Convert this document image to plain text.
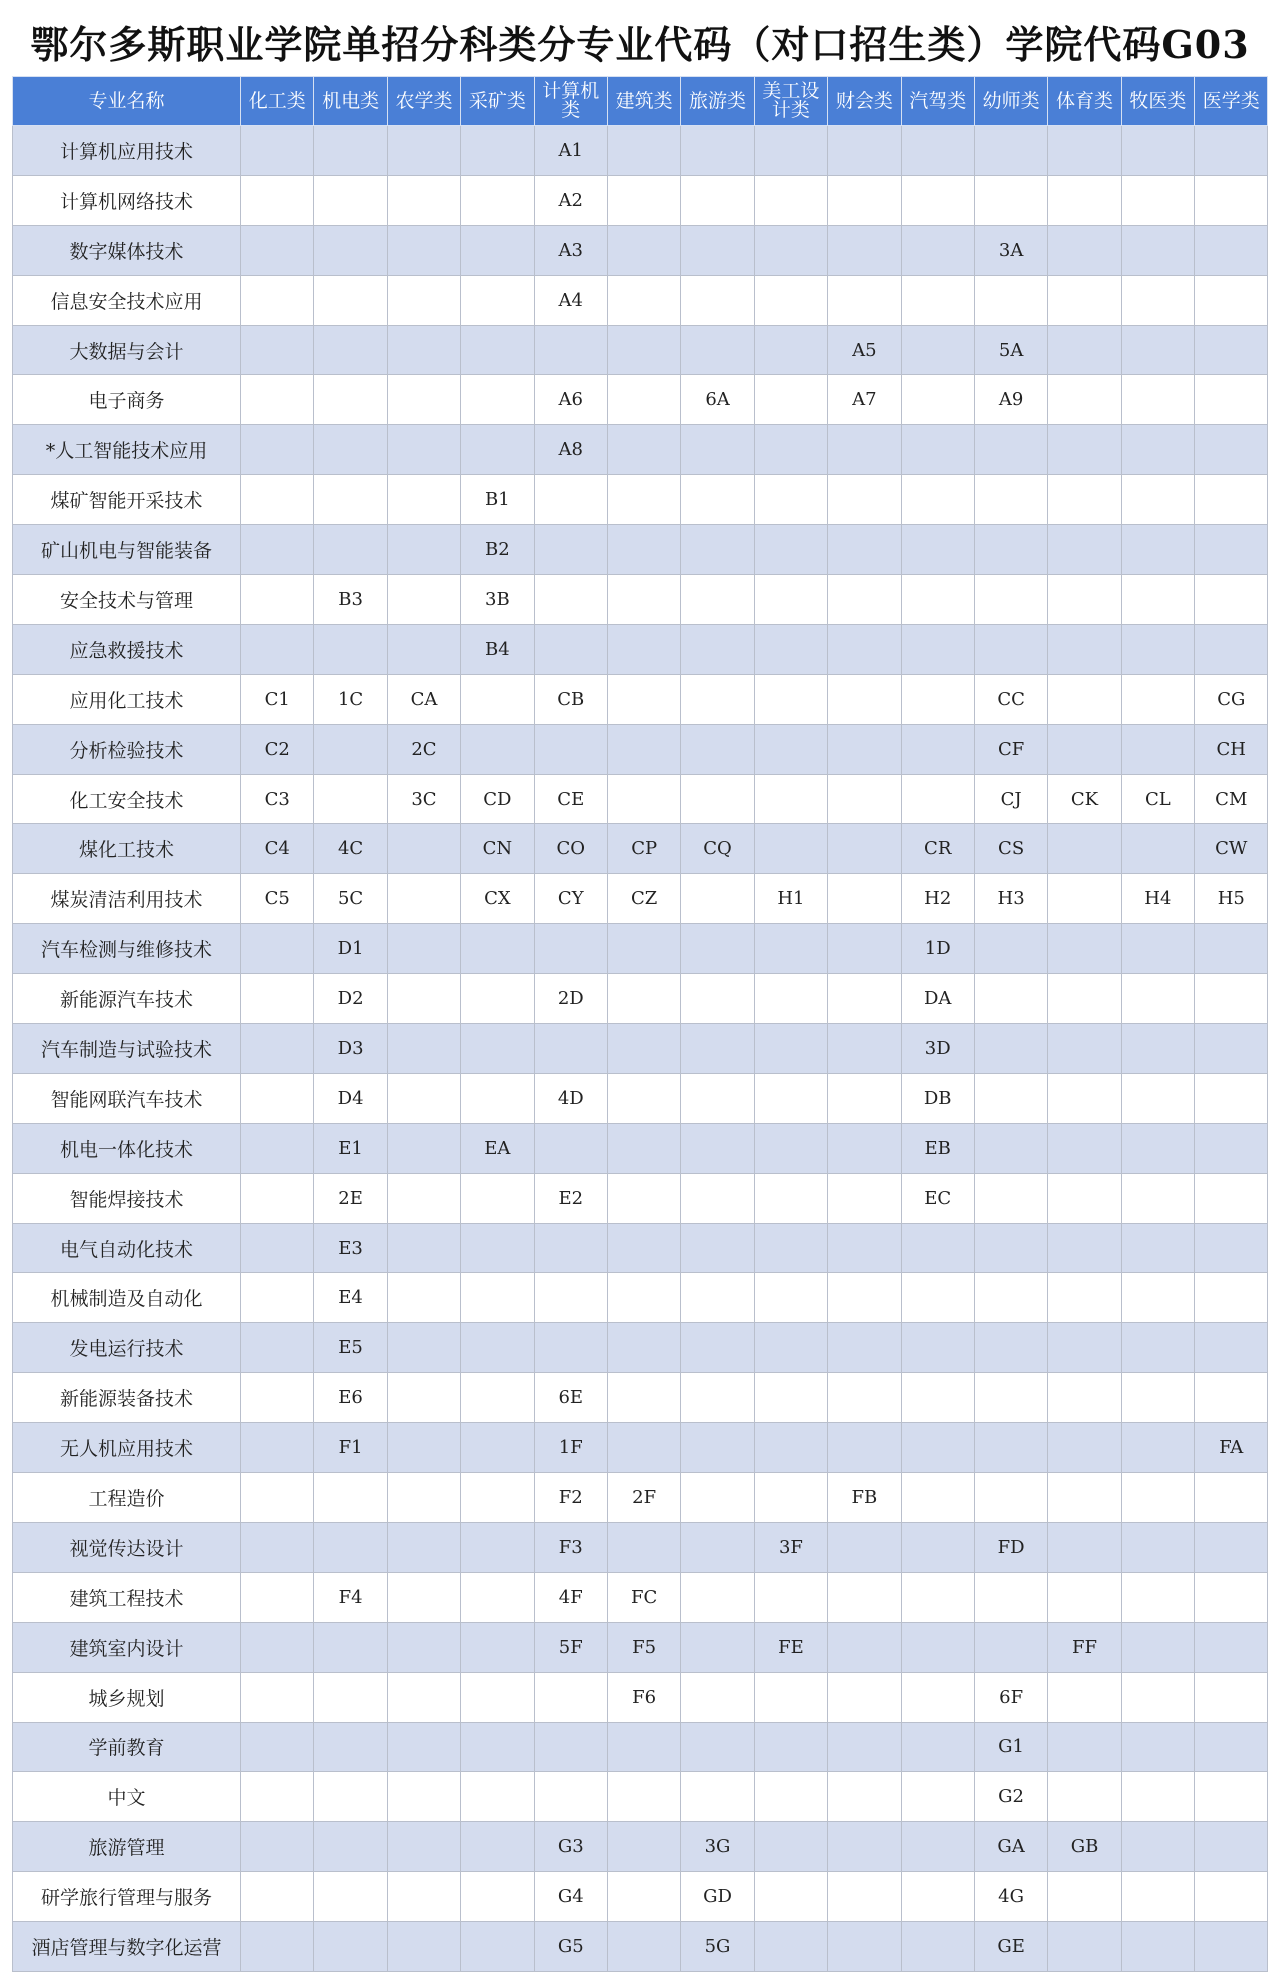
鄂尔多斯职业学院单招分科类分专业代码（对口招生类）学院代码G03
专业名称	化工类	机电类	农学类	采矿类	计算机类	建筑类	旅游类	美工设计类	财会类	汽驾类	幼师类	体育类	牧医类	医学类
计算机应用技术					A1									
计算机网络技术					A2									
数字媒体技术					A3						3A			
信息安全技术应用					A4									
大数据与会计									A5		5A			
电子商务					A6		6A		A7		A9			
*人工智能技术应用					A8									
煤矿智能开采技术				B1										
矿山机电与智能装备				B2										
安全技术与管理		B3		3B										
应急救援技术				B4										
应用化工技术	C1	1C	CA		CB						CC			CG
分析检验技术	C2		2C								CF			CH
化工安全技术	C3		3C	CD	CE						CJ	CK	CL	CM
煤化工技术	C4	4C		CN	CO	CP	CQ			CR	CS			CW
煤炭清洁利用技术	C5	5C		CX	CY	CZ		H1		H2	H3		H4	H5
汽车检测与维修技术		D1								1D				
新能源汽车技术		D2			2D					DA				
汽车制造与试验技术		D3								3D				
智能网联汽车技术		D4			4D					DB				
机电一体化技术		E1		EA						EB				
智能焊接技术		2E			E2					EC				
电气自动化技术		E3												
机械制造及自动化		E4												
发电运行技术		E5												
新能源装备技术		E6			6E									
无人机应用技术		F1			1F									FA
工程造价					F2	2F			FB					
视觉传达设计					F3			3F			FD			
建筑工程技术		F4			4F	FC								
建筑室内设计					5F	F5		FE				FF		
城乡规划						F6					6F			
学前教育											G1			
中文											G2			
旅游管理					G3		3G				GA	GB		
研学旅行管理与服务					G4		GD				4G			
酒店管理与数字化运营					G5		5G				GE			
